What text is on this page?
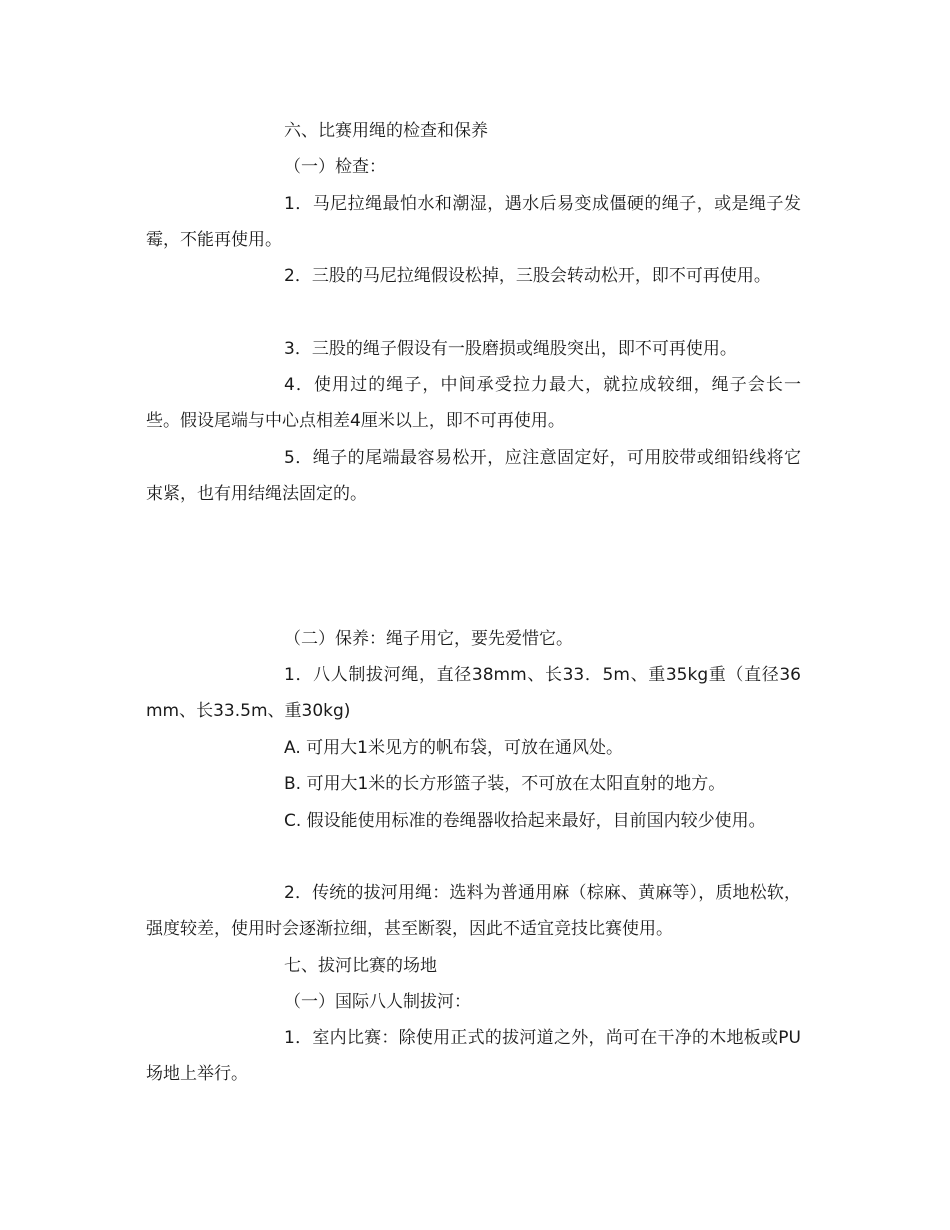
六、比赛用绳的检查和保养

（一）检查：

1．马尼拉绳最怕水和潮湿，遇水后易变成僵硬的绳子，或是绳子发霉，不能再使用。

2．三股的马尼拉绳假设松掉，三股会转动松开，即不可再使用。

3．三股的绳子假设有一股磨损或绳股突出，即不可再使用。

4．使用过的绳子，中间承受拉力最大，就拉成较细，绳子会长一些。假设尾端与中心点相差4厘米以上，即不可再使用。

5．绳子的尾端最容易松开，应注意固定好，可用胶带或细铅线将它束紧，也有用结绳法固定的。

（二）保养：绳子用它，要先爱惜它。

1．八人制拔河绳，直径38mm、长33．5m、重35kg重（直径36mm、长33.5m、重30kg)

A. 可用大1米见方的帆布袋，可放在通风处。

B. 可用大1米的长方形篮子装，不可放在太阳直射的地方。

C. 假设能使用标准的卷绳器收拾起来最好，目前国内较少使用。

2．传统的拔河用绳：选料为普通用麻（棕麻、黄麻等），质地松软，强度较差，使用时会逐渐拉细，甚至断裂，因此不适宜竞技比赛使用。

七、拔河比赛的场地

（一）国际八人制拔河：

1．室内比赛：除使用正式的拔河道之外，尚可在干净的木地板或PU场地上举行。
